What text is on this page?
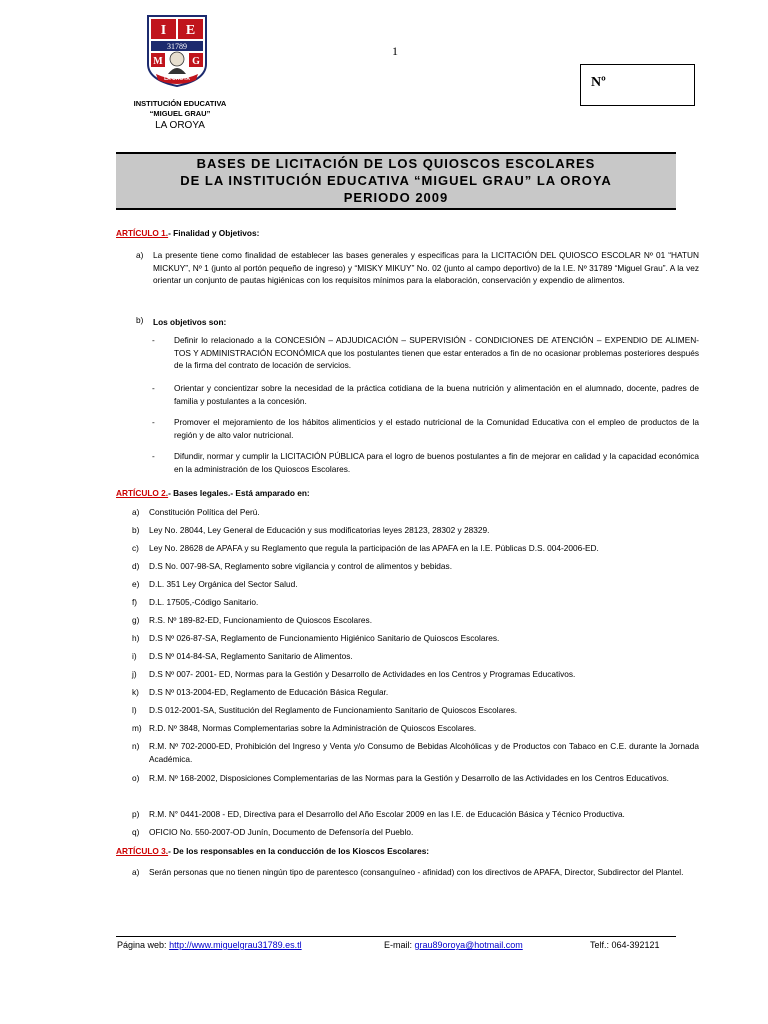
I E
31789
M	G
LA OROYA
INSTITUCIÓN EDUCATIVA
“MIGUEL GRAU”
LA OROYA
1
Nº
BASES DE LICITACIÓN DE LOS QUIOSCOS ESCOLARES
DE LA INSTITUCIÓN EDUCATIVA “MIGUEL GRAU” LA OROYA
PERIODO 2009
ARTÍCULO 1.- Finalidad y Objetivos:
a) La presente tiene como finalidad de establecer las bases generales y especificas para la LICITACIÓN DEL QUIOSCO ESCOLAR Nº 01 “HATUN MICKUY”, Nº 1 (junto al portón pequeño de ingreso) y “MISKY MIKUY” No. 02 (junto al campo deportivo) de la I.E. Nº 31789 “Miguel Grau”. A la vez orientar un conjunto de pautas higiénicas con los requisitos mínimos para la elaboración, conservación y expendio de alimentos.
b) Los objetivos son:
- Definir lo relacionado a la CONCESIÓN – ADJUDICACIÓN – SUPERVISIÓN - CONDICIONES DE ATENCIÓN – EXPENDIO DE ALIMEN-TOS Y ADMINISTRACIÓN ECONÓMICA que los postulantes tienen que estar enterados a fin de no ocasionar problemas posteriores después de la firma del contrato de locación de servicios.
- Orientar y concientizar sobre la necesidad de la práctica cotidiana de la buena nutrición y alimentación en el alumnado, docente, padres de familia y postulantes a la concesión.
- Promover el mejoramiento de los hábitos alimenticios y el estado nutricional de la Comunidad Educativa con el empleo de productos de la región y de alto valor nutricional.
- Difundir, normar y cumplir la LICITACIÓN PÚBLICA para el logro de buenos postulantes a fin de mejorar en calidad y la capacidad económica en la administración de los Quioscos Escolares.
ARTÍCULO 2.- Bases legales.- Está amparado en:
a) Constitución Política del Perú.
b) Ley No. 28044, Ley General de Educación y sus modificatorias leyes 28123, 28302 y 28329.
c) Ley No. 28628 de APAFA y su Reglamento que regula la participación de las APAFA en la I.E. Públicas D.S. 004-2006-ED.
d) D.S No. 007-98-SA, Reglamento sobre vigilancia y control de alimentos y bebidas.
e) D.L. 351 Ley Orgánica del Sector Salud.
f) D.L. 17505,-Código Sanitario.
g) R.S. Nº 189-82-ED, Funcionamiento de Quioscos Escolares.
h) D.S Nº 026-87-SA, Reglamento de Funcionamiento Higiénico Sanitario de Quioscos Escolares.
i) D.S Nº 014-84-SA, Reglamento Sanitario de Alimentos.
j) D.S Nº 007- 2001- ED, Normas para la Gestión y Desarrollo de Actividades en los Centros y Programas Educativos.
k) D.S Nº 013-2004-ED, Reglamento de Educación Básica Regular.
l) D.S 012-2001-SA, Sustitución del Reglamento de Funcionamiento Sanitario de Quioscos Escolares.
m) R.D. Nº 3848, Normas Complementarias sobre la Administración de Quioscos Escolares.
n) R.M. Nº 702-2000-ED, Prohibición del Ingreso y Venta y/o Consumo de Bebidas Alcohólicas y de Productos con Tabaco en C.E. durante la Jornada Académica.
o) R.M. Nº 168-2002, Disposiciones Complementarias de las Normas para la Gestión y Desarrollo de las Actividades en los Centros Educativos.
p) R.M. N° 0441-2008 - ED, Directiva para el Desarrollo del Año Escolar 2009 en las I.E. de Educación Básica y Técnico Productiva.
q) OFICIO No. 550-2007-OD Junín, Documento de Defensoría del Pueblo.
ARTÍCULO 3.- De los responsables en la conducción de los Kioscos Escolares:
a) Serán personas que no tienen ningún tipo de parentesco (consanguíneo - afinidad) con los directivos de APAFA, Director, Subdirector del Plantel.
Página web: http://www.miguelgrau31789.es.tl	E-mail: grau89oroya@hotmail.com	Telf.: 064-392121
